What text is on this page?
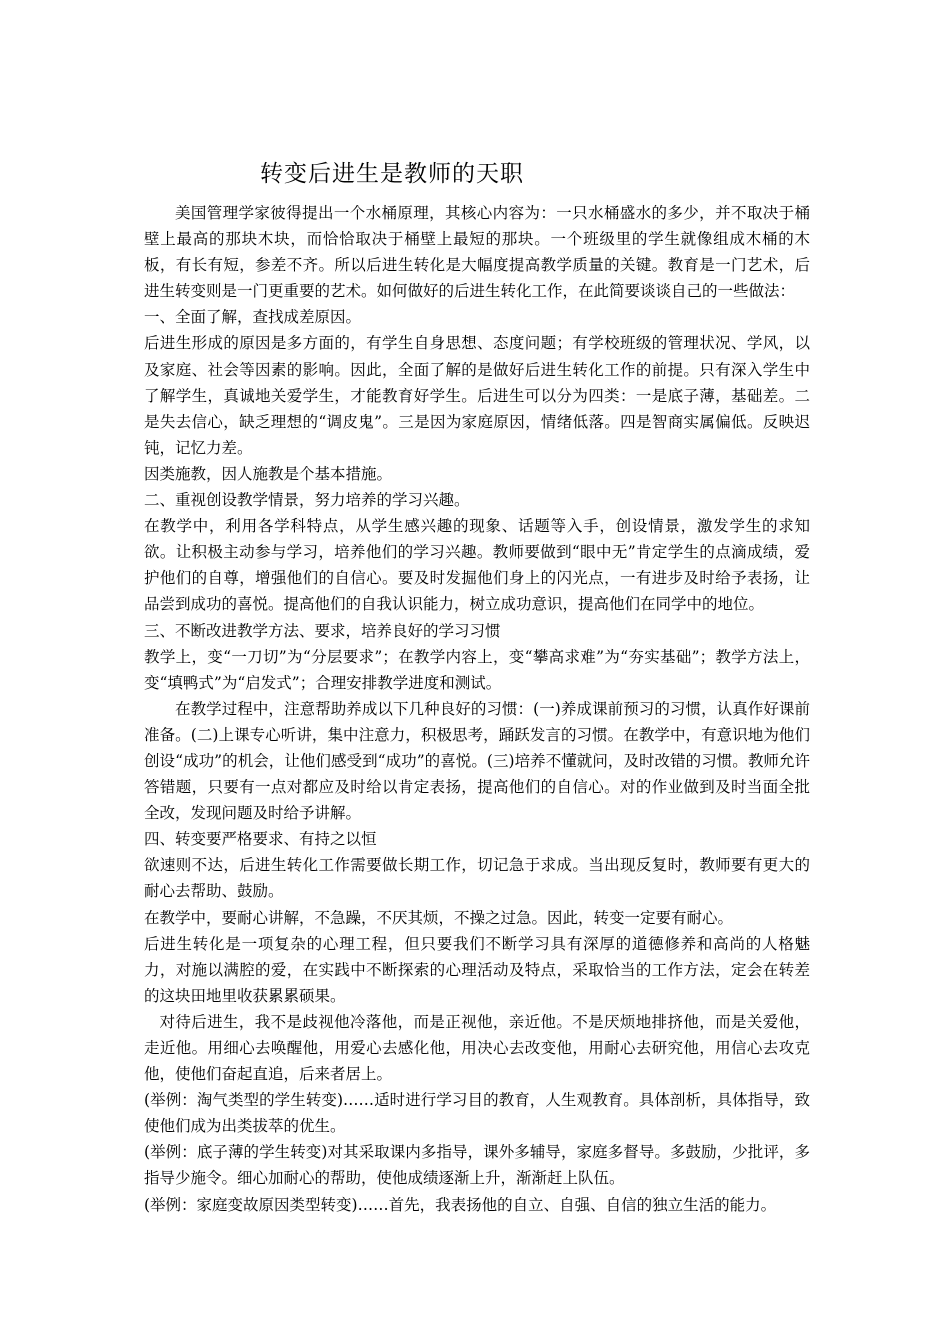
转变后进生是教师的天职

美国管理学家彼得提出一个水桶原理，其核心内容为：一只水桶盛水的多少，并不取决于桶壁上最高的那块木块，而恰恰取决于桶壁上最短的那块。一个班级里的学生就像组成木桶的木板，有长有短，参差不齐。所以后进生转化是大幅度提高教学质量的关键。教育是一门艺术，后进生转变则是一门更重要的艺术。如何做好的后进生转化工作，在此简要谈谈自己的一些做法：

一、全面了解，查找成差原因。

后进生形成的原因是多方面的，有学生自身思想、态度问题；有学校班级的管理状况、学风，以及家庭、社会等因素的影响。因此，全面了解的是做好后进生转化工作的前提。只有深入学生中了解学生，真诚地关爱学生，才能教育好学生。后进生可以分为四类：一是底子薄，基础差。二是失去信心，缺乏理想的“调皮鬼”。三是因为家庭原因，情绪低落。四是智商实属偏低。反映迟钝，记忆力差。

因类施教，因人施教是个基本措施。

二、重视创设教学情景，努力培养的学习兴趣。

在教学中，利用各学科特点，从学生感兴趣的现象、话题等入手，创设情景，激发学生的求知欲。让积极主动参与学习，培养他们的学习兴趣。教师要做到“眼中无”肯定学生的点滴成绩，爱护他们的自尊，增强他们的自信心。要及时发掘他们身上的闪光点，一有进步及时给予表扬，让品尝到成功的喜悦。提高他们的自我认识能力，树立成功意识，提高他们在同学中的地位。

三、不断改进教学方法、要求，培养良好的学习习惯

教学上，变“一刀切”为“分层要求”；在教学内容上，变“攀高求难”为“夯实基础”；教学方法上，变“填鸭式”为“启发式”；合理安排教学进度和测试。

在教学过程中，注意帮助养成以下几种良好的习惯：(一)养成课前预习的习惯，认真作好课前准备。(二)上课专心听讲，集中注意力，积极思考，踊跃发言的习惯。在教学中，有意识地为他们创设“成功”的机会，让他们感受到“成功”的喜悦。(三)培养不懂就问，及时改错的习惯。教师允许答错题，只要有一点对都应及时给以肯定表扬，提高他们的自信心。对的作业做到及时当面全批全改，发现问题及时给予讲解。

四、转变要严格要求、有持之以恒

欲速则不达，后进生转化工作需要做长期工作，切记急于求成。当出现反复时，教师要有更大的耐心去帮助、鼓励。

在教学中，要耐心讲解，不急躁，不厌其烦，不操之过急。因此，转变一定要有耐心。

后进生转化是一项复杂的心理工程，但只要我们不断学习具有深厚的道德修养和高尚的人格魅力，对施以满腔的爱，在实践中不断探索的心理活动及特点，采取恰当的工作方法，定会在转差的这块田地里收获累累硕果。

对待后进生，我不是歧视他冷落他，而是正视他，亲近他。不是厌烦地排挤他，而是关爱他，走近他。用细心去唤醒他，用爱心去感化他，用决心去改变他，用耐心去研究他，用信心去攻克他，使他们奋起直追，后来者居上。

(举例：淘气类型的学生转变)……适时进行学习目的教育，人生观教育。具体剖析，具体指导，致使他们成为出类拔萃的优生。

(举例：底子薄的学生转变)对其采取课内多指导，课外多辅导，家庭多督导。多鼓励，少批评，多指导少施令。细心加耐心的帮助，使他成绩逐渐上升，渐渐赶上队伍。

(举例：家庭变故原因类型转变)……首先，我表扬他的自立、自强、自信的独立生活的能力。
